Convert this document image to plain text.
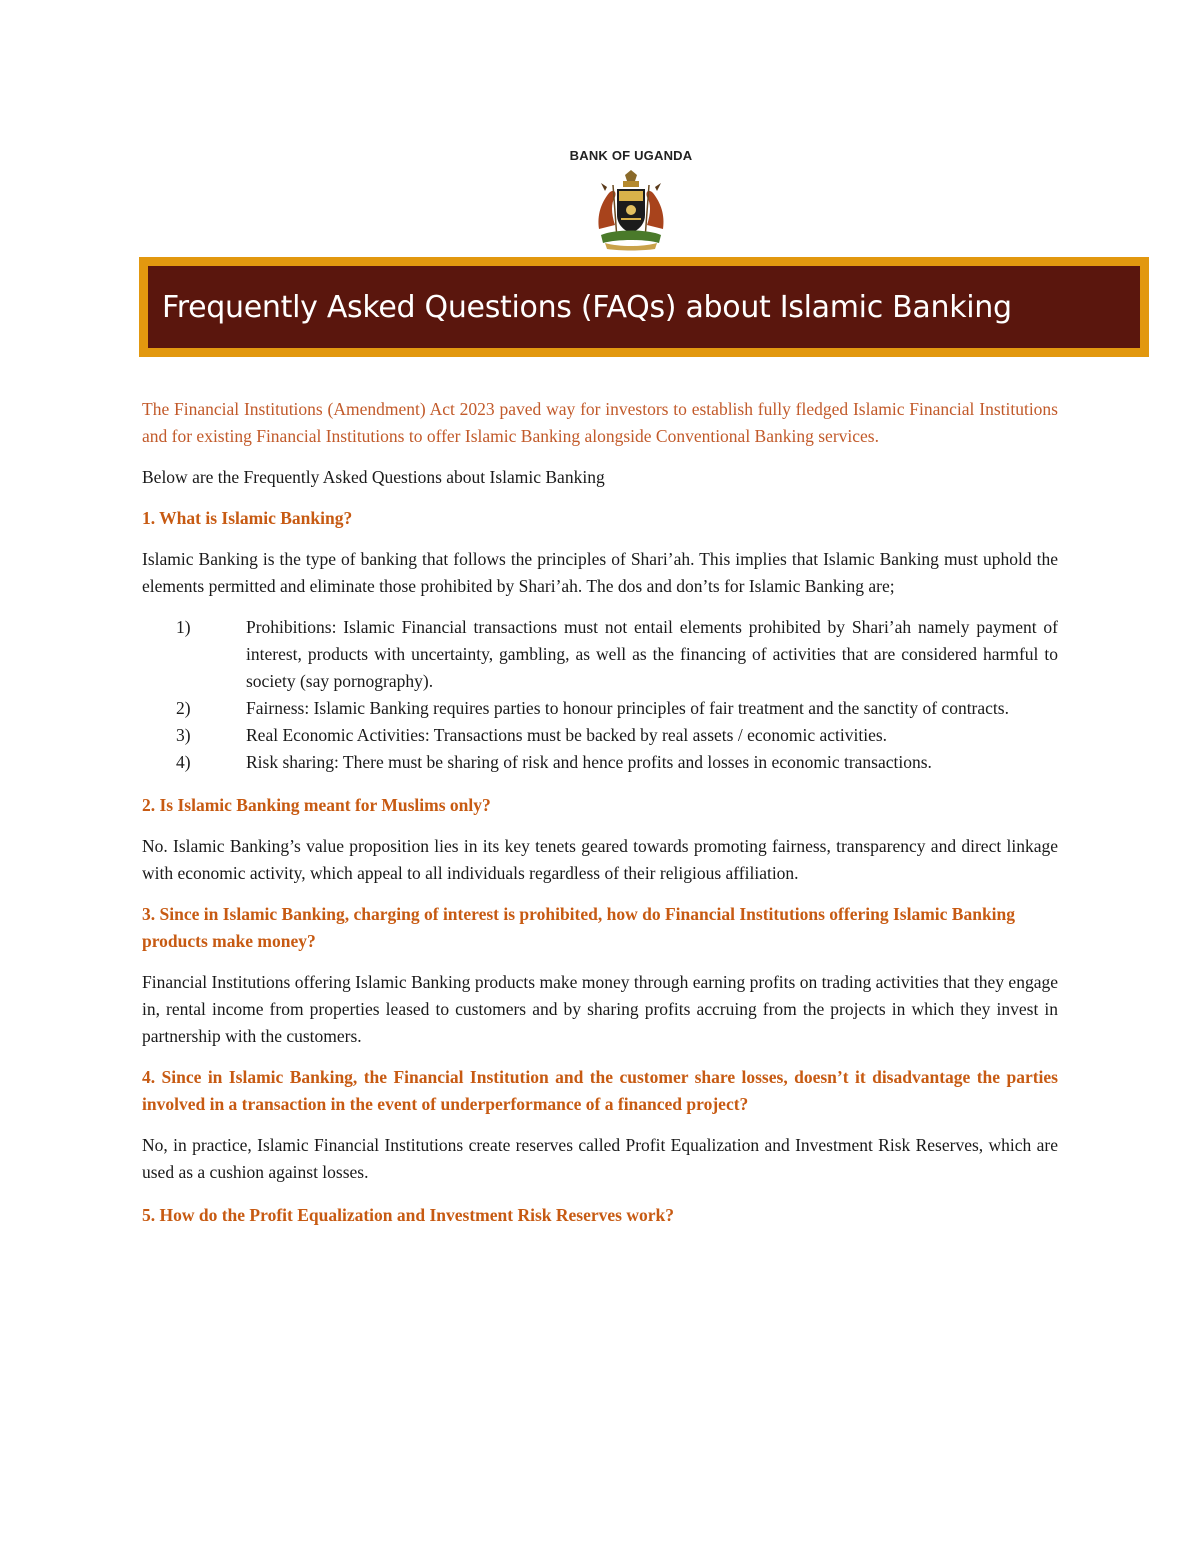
BANK OF UGANDA
Frequently Asked Questions (FAQs) about Islamic Banking

The Financial Institutions (Amendment) Act 2023 paved way for investors to establish fully fledged Islamic Financial Institutions and for existing Financial Institutions to offer Islamic Banking alongside Conventional Banking services.

Below are the Frequently Asked Questions about Islamic Banking

1. What is Islamic Banking?

Islamic Banking is the type of banking that follows the principles of Shari’ah. This implies that Islamic Banking must uphold the elements permitted and eliminate those prohibited by Shari’ah. The dos and don’ts for Islamic Banking are;

1)	Prohibitions: Islamic Financial transactions must not entail elements prohibited by Shari’ah namely payment of interest, products with uncertainty, gambling, as well as the financing of activities that are considered harmful to society (say pornography).
2)	Fairness: Islamic Banking requires parties to honour principles of fair treatment and the sanctity of contracts.
3)	Real Economic Activities: Transactions must be backed by real assets / economic activities.
4)	Risk sharing: There must be sharing of risk and hence profits and losses in economic transactions.

2. Is Islamic Banking meant for Muslims only?

No. Islamic Banking’s value proposition lies in its key tenets geared towards promoting fairness, transparency and direct linkage with economic activity, which appeal to all individuals regardless of their religious affiliation.

3. Since in Islamic Banking, charging of interest is prohibited, how do Financial Institutions offering Islamic Banking products make money?

Financial Institutions offering Islamic Banking products make money through earning profits on trading activities that they engage in, rental income from properties leased to customers and by sharing profits accruing from the projects in which they invest in partnership with the customers.

4. Since in Islamic Banking, the Financial Institution and the customer share losses, doesn’t it disadvantage the parties involved in a transaction in the event of underperformance of a financed project?

No, in practice, Islamic Financial Institutions create reserves called Profit Equalization and Investment Risk Reserves, which are used as a cushion against losses.

5. How do the Profit Equalization and Investment Risk Reserves work?
